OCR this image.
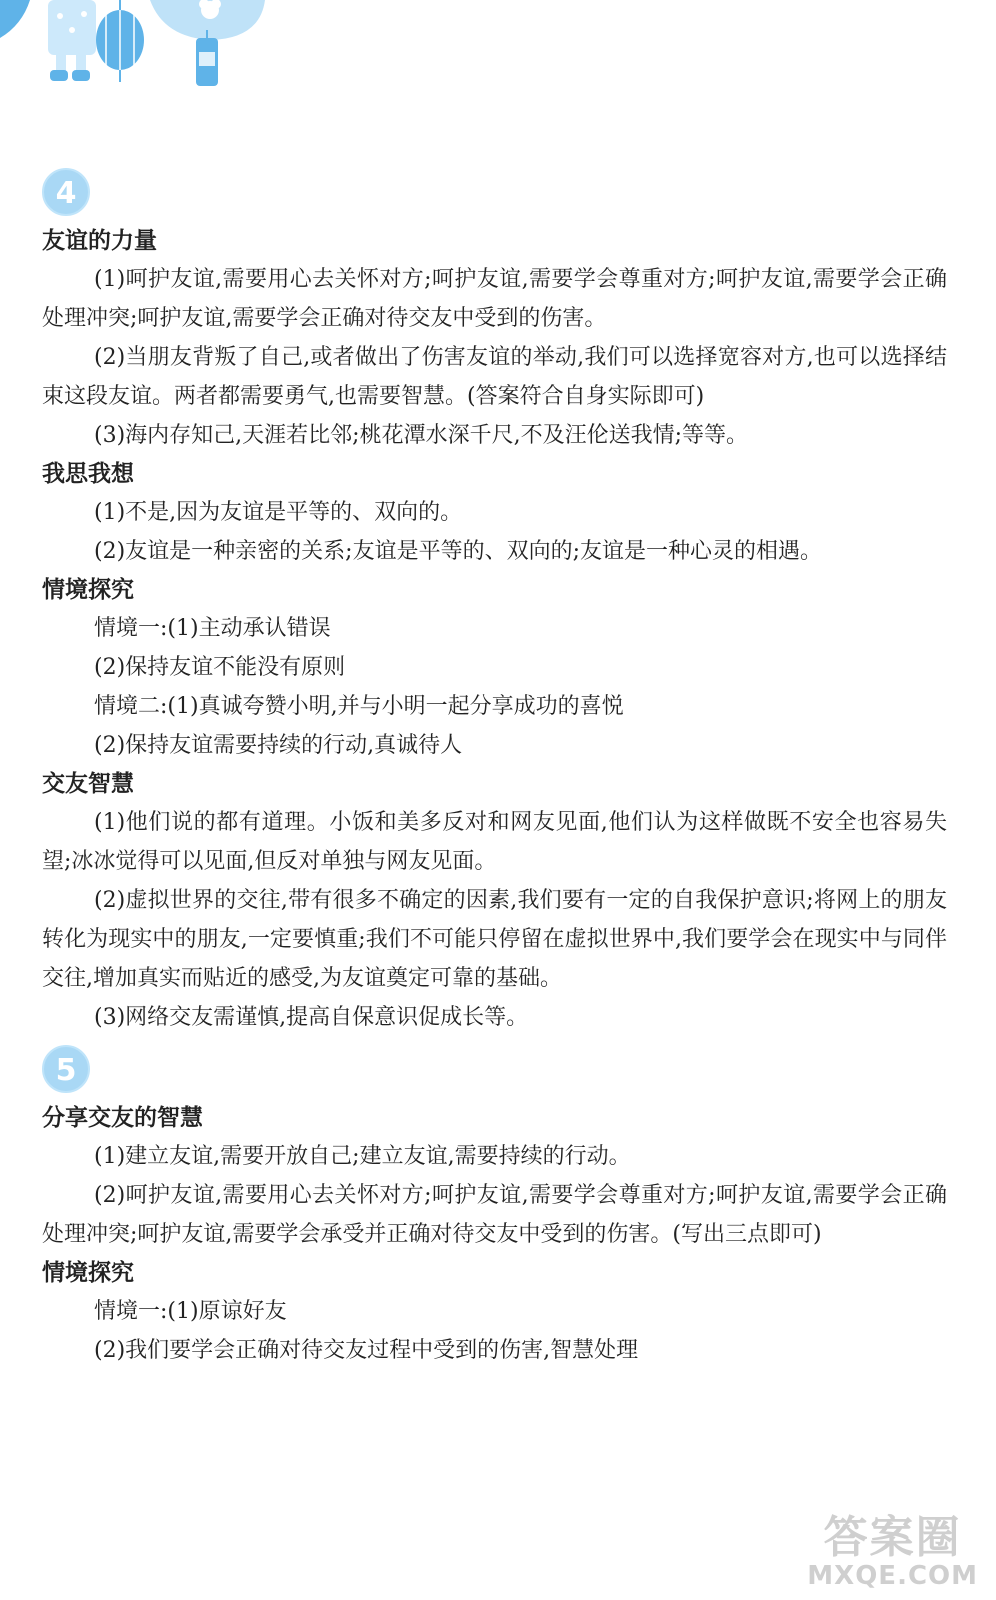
4
友谊的力量
(1)呵护友谊,需要用心去关怀对方;呵护友谊,需要学会尊重对方;呵护友谊,需要学会正确处理冲突;呵护友谊,需要学会正确对待交友中受到的伤害。
(2)当朋友背叛了自己,或者做出了伤害友谊的举动,我们可以选择宽容对方,也可以选择结束这段友谊。两者都需要勇气,也需要智慧。(答案符合自身实际即可)
(3)海内存知己,天涯若比邻;桃花潭水深千尺,不及汪伦送我情;等等。
我思我想
(1)不是,因为友谊是平等的、双向的。
(2)友谊是一种亲密的关系;友谊是平等的、双向的;友谊是一种心灵的相遇。
情境探究
情境一:(1)主动承认错误
(2)保持友谊不能没有原则
情境二:(1)真诚夸赞小明,并与小明一起分享成功的喜悦
(2)保持友谊需要持续的行动,真诚待人
交友智慧
(1)他们说的都有道理。小饭和美多反对和网友见面,他们认为这样做既不安全也容易失望;冰冰觉得可以见面,但反对单独与网友见面。
(2)虚拟世界的交往,带有很多不确定的因素,我们要有一定的自我保护意识;将网上的朋友转化为现实中的朋友,一定要慎重;我们不可能只停留在虚拟世界中,我们要学会在现实中与同伴交往,增加真实而贴近的感受,为友谊奠定可靠的基础。
(3)网络交友需谨慎,提高自保意识促成长等。
5
分享交友的智慧
(1)建立友谊,需要开放自己;建立友谊,需要持续的行动。
(2)呵护友谊,需要用心去关怀对方;呵护友谊,需要学会尊重对方;呵护友谊,需要学会正确处理冲突;呵护友谊,需要学会承受并正确对待交友中受到的伤害。(写出三点即可)
情境探究
情境一:(1)原谅好友
(2)我们要学会正确对待交友过程中受到的伤害,智慧处理
答案圈
MXQE.COM
